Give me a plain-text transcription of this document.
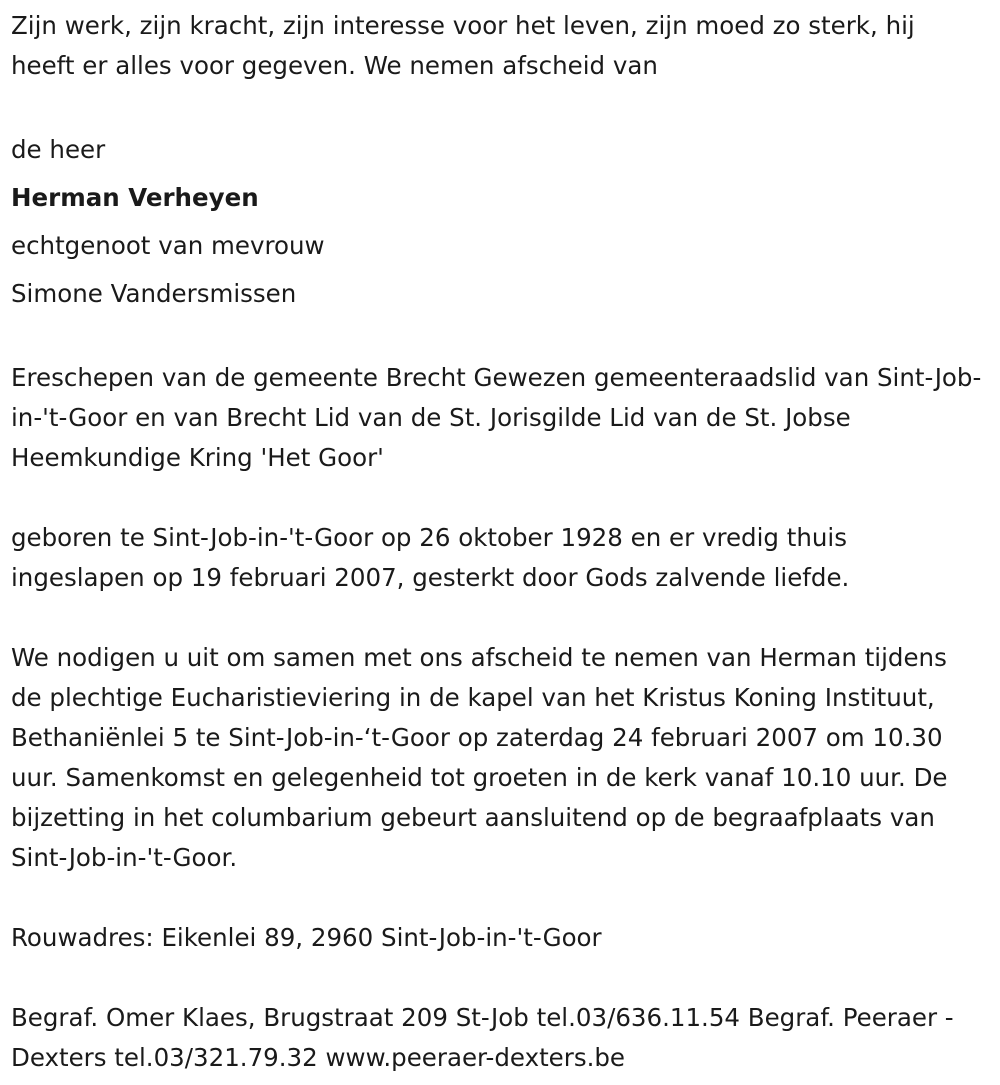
Zijn werk, zijn kracht, zijn interesse voor het leven, zijn moed zo sterk, hij heeft er alles voor gegeven. We nemen afscheid van

de heer
Herman Verheyen
echtgenoot van mevrouw
Simone Vandersmissen

Ereschepen van de gemeente Brecht Gewezen gemeenteraadslid van Sint-Job-in-'t-Goor en van Brecht Lid van de St. Jorisgilde Lid van de St. Jobse Heemkundige Kring 'Het Goor'

geboren te Sint-Job-in-'t-Goor op 26 oktober 1928 en er vredig thuis ingeslapen op 19 februari 2007, gesterkt door Gods zalvende liefde.

We nodigen u uit om samen met ons afscheid te nemen van Herman tijdens de plechtige Eucharistieviering in de kapel van het Kristus Koning Instituut, Bethaniënlei 5 te Sint-Job-in-‘t-Goor op zaterdag 24 februari 2007 om 10.30 uur. Samenkomst en gelegenheid tot groeten in de kerk vanaf 10.10 uur. De bijzetting in het columbarium gebeurt aansluitend op de begraafplaats van Sint-Job-in-'t-Goor.

Rouwadres: Eikenlei 89, 2960 Sint-Job-in-'t-Goor

Begraf. Omer Klaes, Brugstraat 209 St-Job tel.03/636.11.54 Begraf. Peeraer - Dexters tel.03/321.79.32 www.peeraer-dexters.be
